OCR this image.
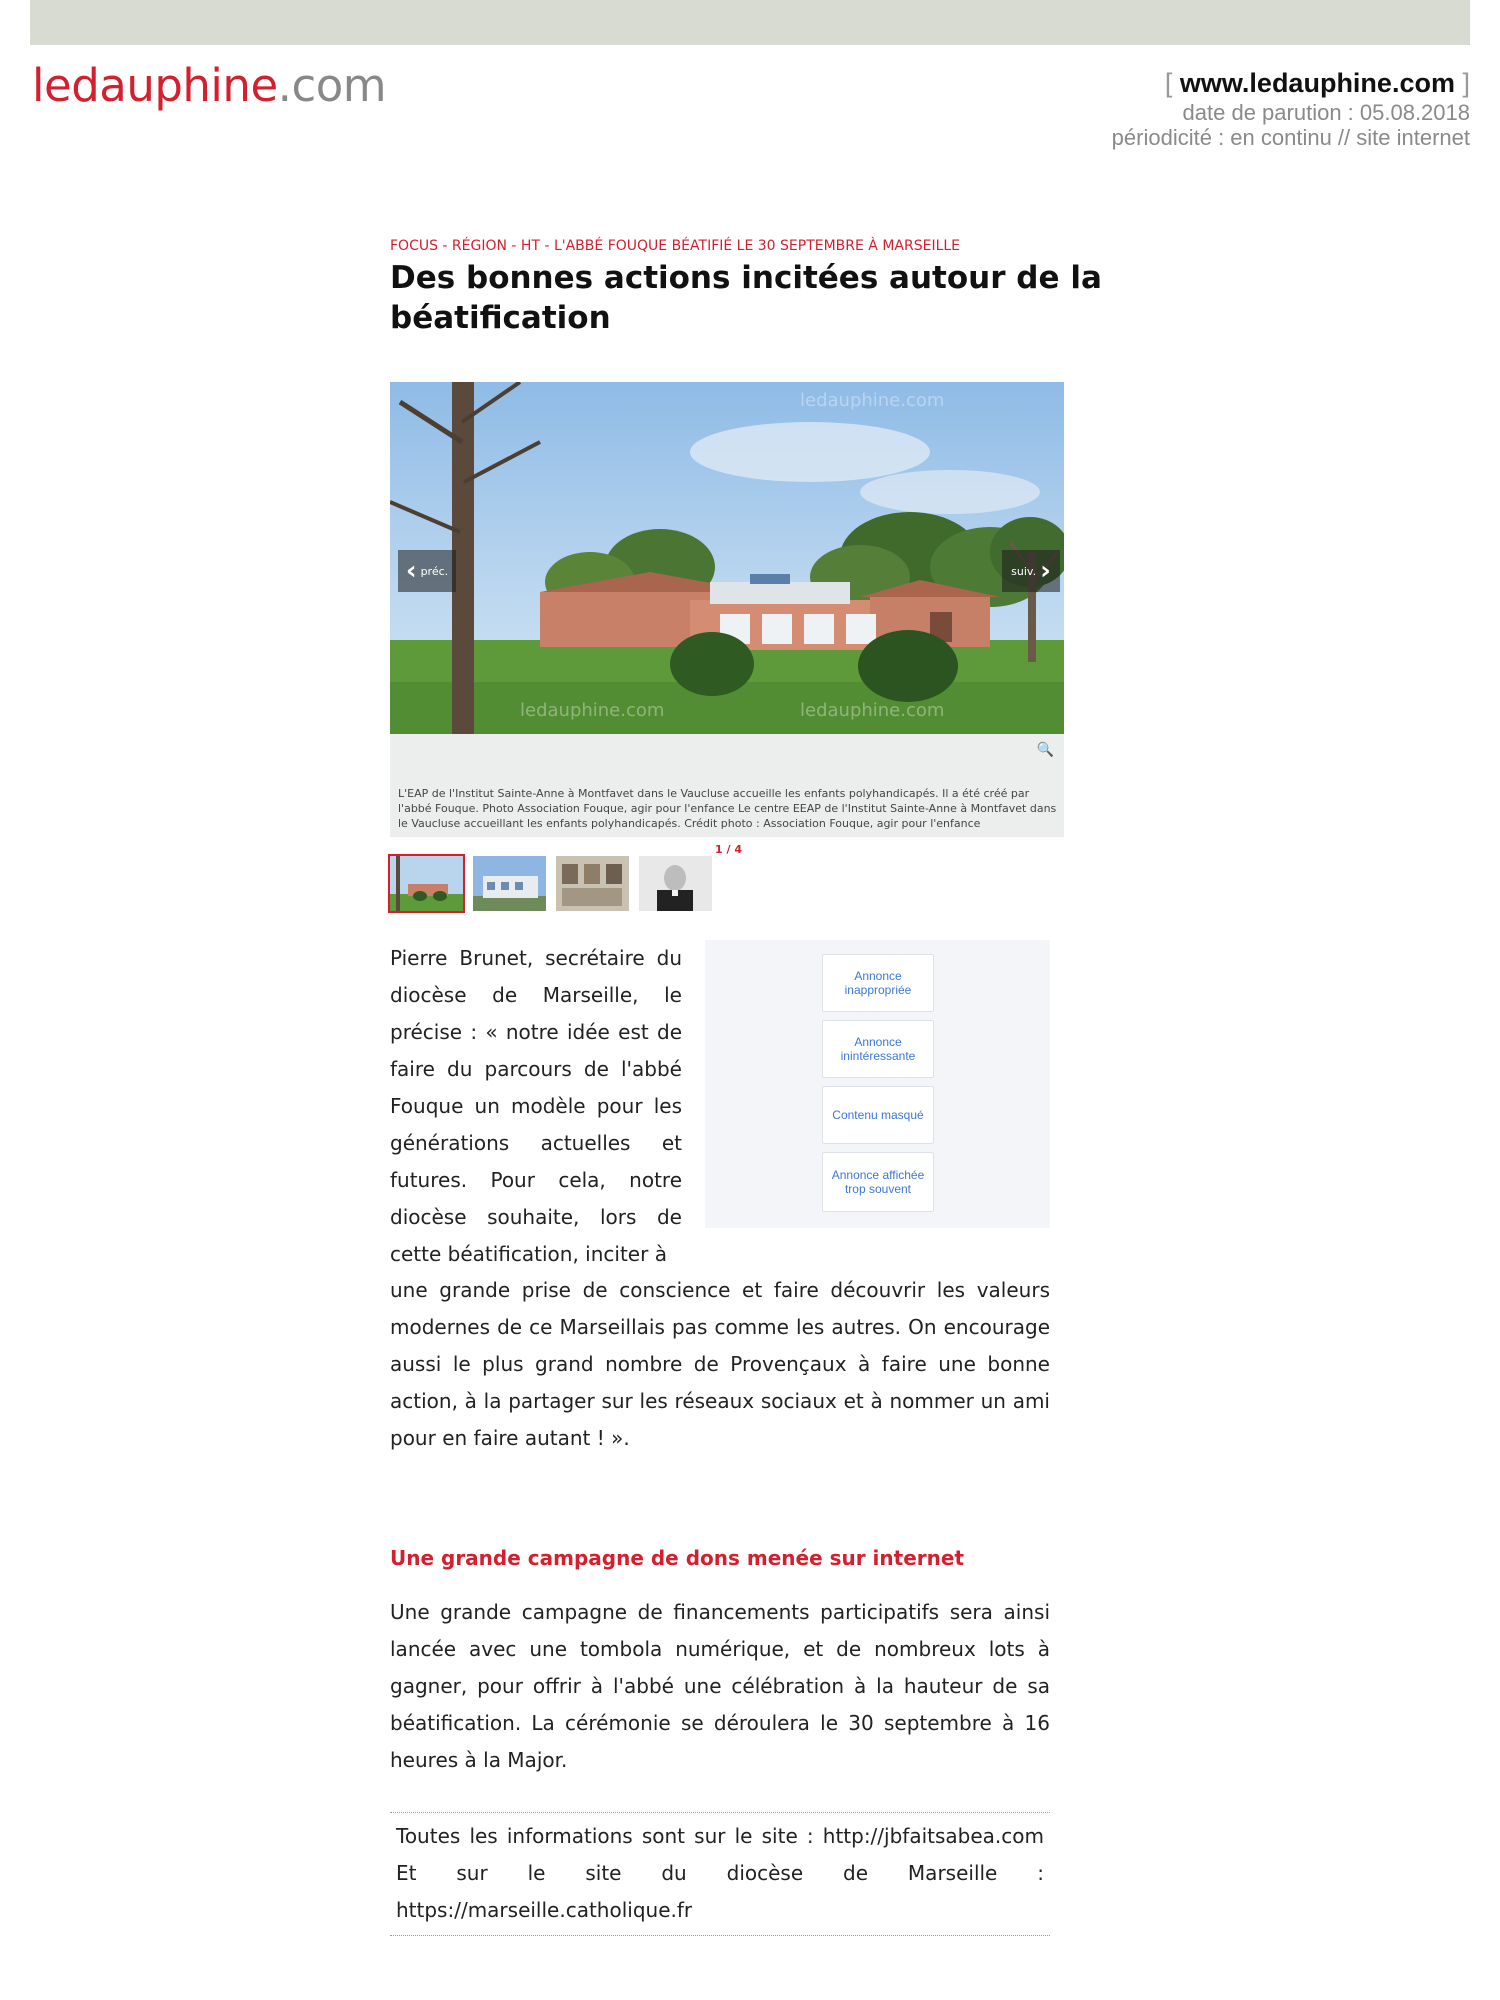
ledauphine.com	[ www.ledauphine.com ]
date de parution : 05.08.2018
périodicité : en continu // site internet
FOCUS - RÉGION - HT - L'ABBÉ FOUQUE BÉATIFIÉ LE 30 SEPTEMBRE À MARSEILLE
Des bonnes actions incitées autour de la béatification
ledauphine.com
ledauphine.com	ledauphine.com
‹ préc.	suiv. ›
🔍
L'EAP de l'Institut Sainte-Anne à Montfavet dans le Vaucluse accueille les enfants polyhandicapés. Il a été créé par l'abbé Fouque. Photo Association Fouque, agir pour l'enfance Le centre EEAP de l'Institut Sainte-Anne à Montfavet dans le Vaucluse accueillant les enfants polyhandicapés. Crédit photo : Association Fouque, agir pour l'enfance
1 / 4
Pierre Brunet, secrétaire du diocèse de Marseille, le précise : « notre idée est de faire du parcours de l'abbé Fouque un modèle pour les générations actuelles et futures. Pour cela, notre diocèse souhaite, lors de cette béatification, inciter à
Annonce inappropriée
Annonce inintéressante
Contenu masqué
Annonce affichée trop souvent
une grande prise de conscience et faire découvrir les valeurs modernes de ce Marseillais pas comme les autres. On encourage aussi le plus grand nombre de Provençaux à faire une bonne action, à la partager sur les réseaux sociaux et à nommer un ami pour en faire autant ! ».
Une grande campagne de dons menée sur internet
Une grande campagne de financements participatifs sera ainsi lancée avec une tombola numérique, et de nombreux lots à gagner, pour offrir à l'abbé une célébration à la hauteur de sa béatification. La cérémonie se déroulera le 30 septembre à 16 heures à la Major.
Toutes les informations sont sur le site : http://jbfaitsabea.com Et sur le site du diocèse de Marseille : https://marseille.catholique.fr
